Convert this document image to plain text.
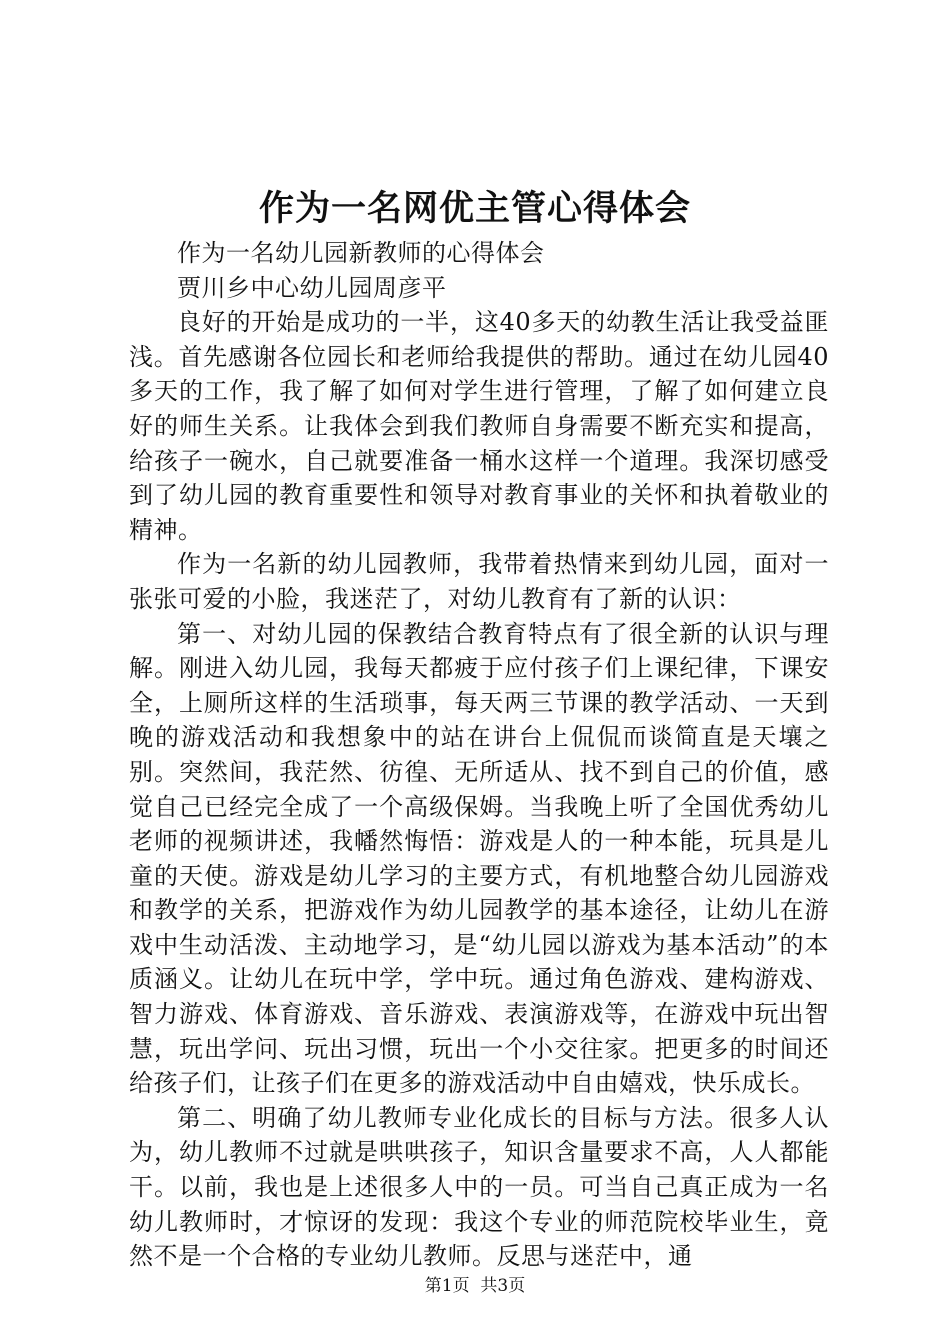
作为一名网优主管心得体会

作为一名幼儿园新教师的心得体会

贾川乡中心幼儿园周彦平

良好的开始是成功的一半，这40多天的幼教生活让我受益匪浅。首先感谢各位园长和老师给我提供的帮助。通过在幼儿园40多天的工作，我了解了如何对学生进行管理，了解了如何建立良好的师生关系。让我体会到我们教师自身需要不断充实和提高，给孩子一碗水，自己就要准备一桶水这样一个道理。我深切感受到了幼儿园的教育重要性和领导对教育事业的关怀和执着敬业的精神。

作为一名新的幼儿园教师，我带着热情来到幼儿园，面对一张张可爱的小脸，我迷茫了，对幼儿教育有了新的认识：

第一、对幼儿园的保教结合教育特点有了很全新的认识与理解。刚进入幼儿园，我每天都疲于应付孩子们上课纪律，下课安全，上厕所这样的生活琐事，每天两三节课的教学活动、一天到晚的游戏活动和我想象中的站在讲台上侃侃而谈简直是天壤之别。突然间，我茫然、彷徨、无所适从、找不到自己的价值，感觉自己已经完全成了一个高级保姆。当我晚上听了全国优秀幼儿老师的视频讲述，我幡然悔悟：游戏是人的一种本能，玩具是儿童的天使。游戏是幼儿学习的主要方式，有机地整合幼儿园游戏和教学的关系，把游戏作为幼儿园教学的基本途径，让幼儿在游戏中生动活泼、主动地学习，是“幼儿园以游戏为基本活动”的本质涵义。让幼儿在玩中学，学中玩。通过角色游戏、建构游戏、智力游戏、体育游戏、音乐游戏、表演游戏等，在游戏中玩出智慧，玩出学问、玩出习惯，玩出一个小交往家。把更多的时间还给孩子们，让孩子们在更多的游戏活动中自由嬉戏，快乐成长。

第二、明确了幼儿教师专业化成长的目标与方法。很多人认为，幼儿教师不过就是哄哄孩子，知识含量要求不高，人人都能干。以前，我也是上述很多人中的一员。可当自己真正成为一名幼儿教师时，才惊讶的发现：我这个专业的师范院校毕业生，竟然不是一个合格的专业幼儿教师。反思与迷茫中，通

第1页  共3页
